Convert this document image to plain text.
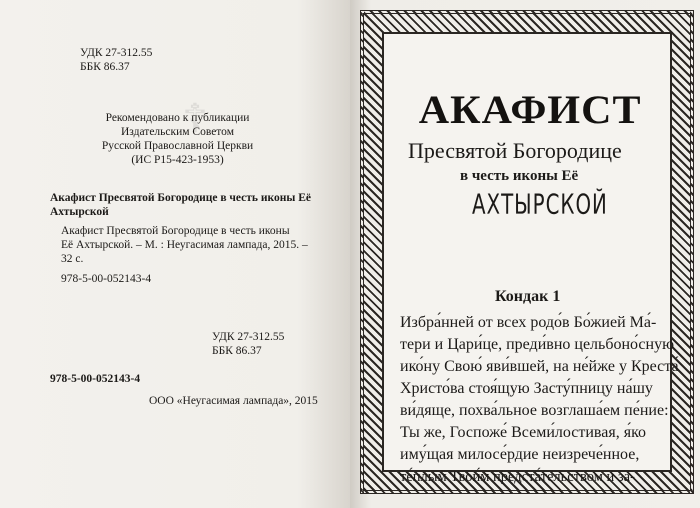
☦
УДК 27-312.55
ББК 86.37
Рекомендовано к публикации
Издательским Советом
Русской Православной Церкви
(ИС Р15-423-1953)
Акафист Пресвятой Богородице в честь иконы Её
Ахтырской
Акафист Пресвятой Богородице в честь иконы
Её Ахтырской. – М. : Неугасимая лампада, 2015. –
32 с.
978-5-00-052143-4
УДК 27-312.55
ББК 86.37
978-5-00-052143-4
ООО «Неугасимая лампада», 2015
АКАФИСТ
Пресвятой Богородице
в честь иконы Её
АХТЫРСКОЙ
Кондак 1
Избра́нней от всех родо́в Бо́жией Ма́-
тери и Цари́це, преди́вно цельбоно́сную
ико́ну Свою́ яви́вшей, на не́йже у Креста́
Христо́ва стоя́щую Засту́пницу на́шу
ви́дяще, похва́льное возглаша́ем пе́ние:
Ты же, Госпоже́ Всеми́лостивая, я́ко
иму́щая милосе́рдие неизрече́нное,
те́плым Твои́м предста́тельством и за-
